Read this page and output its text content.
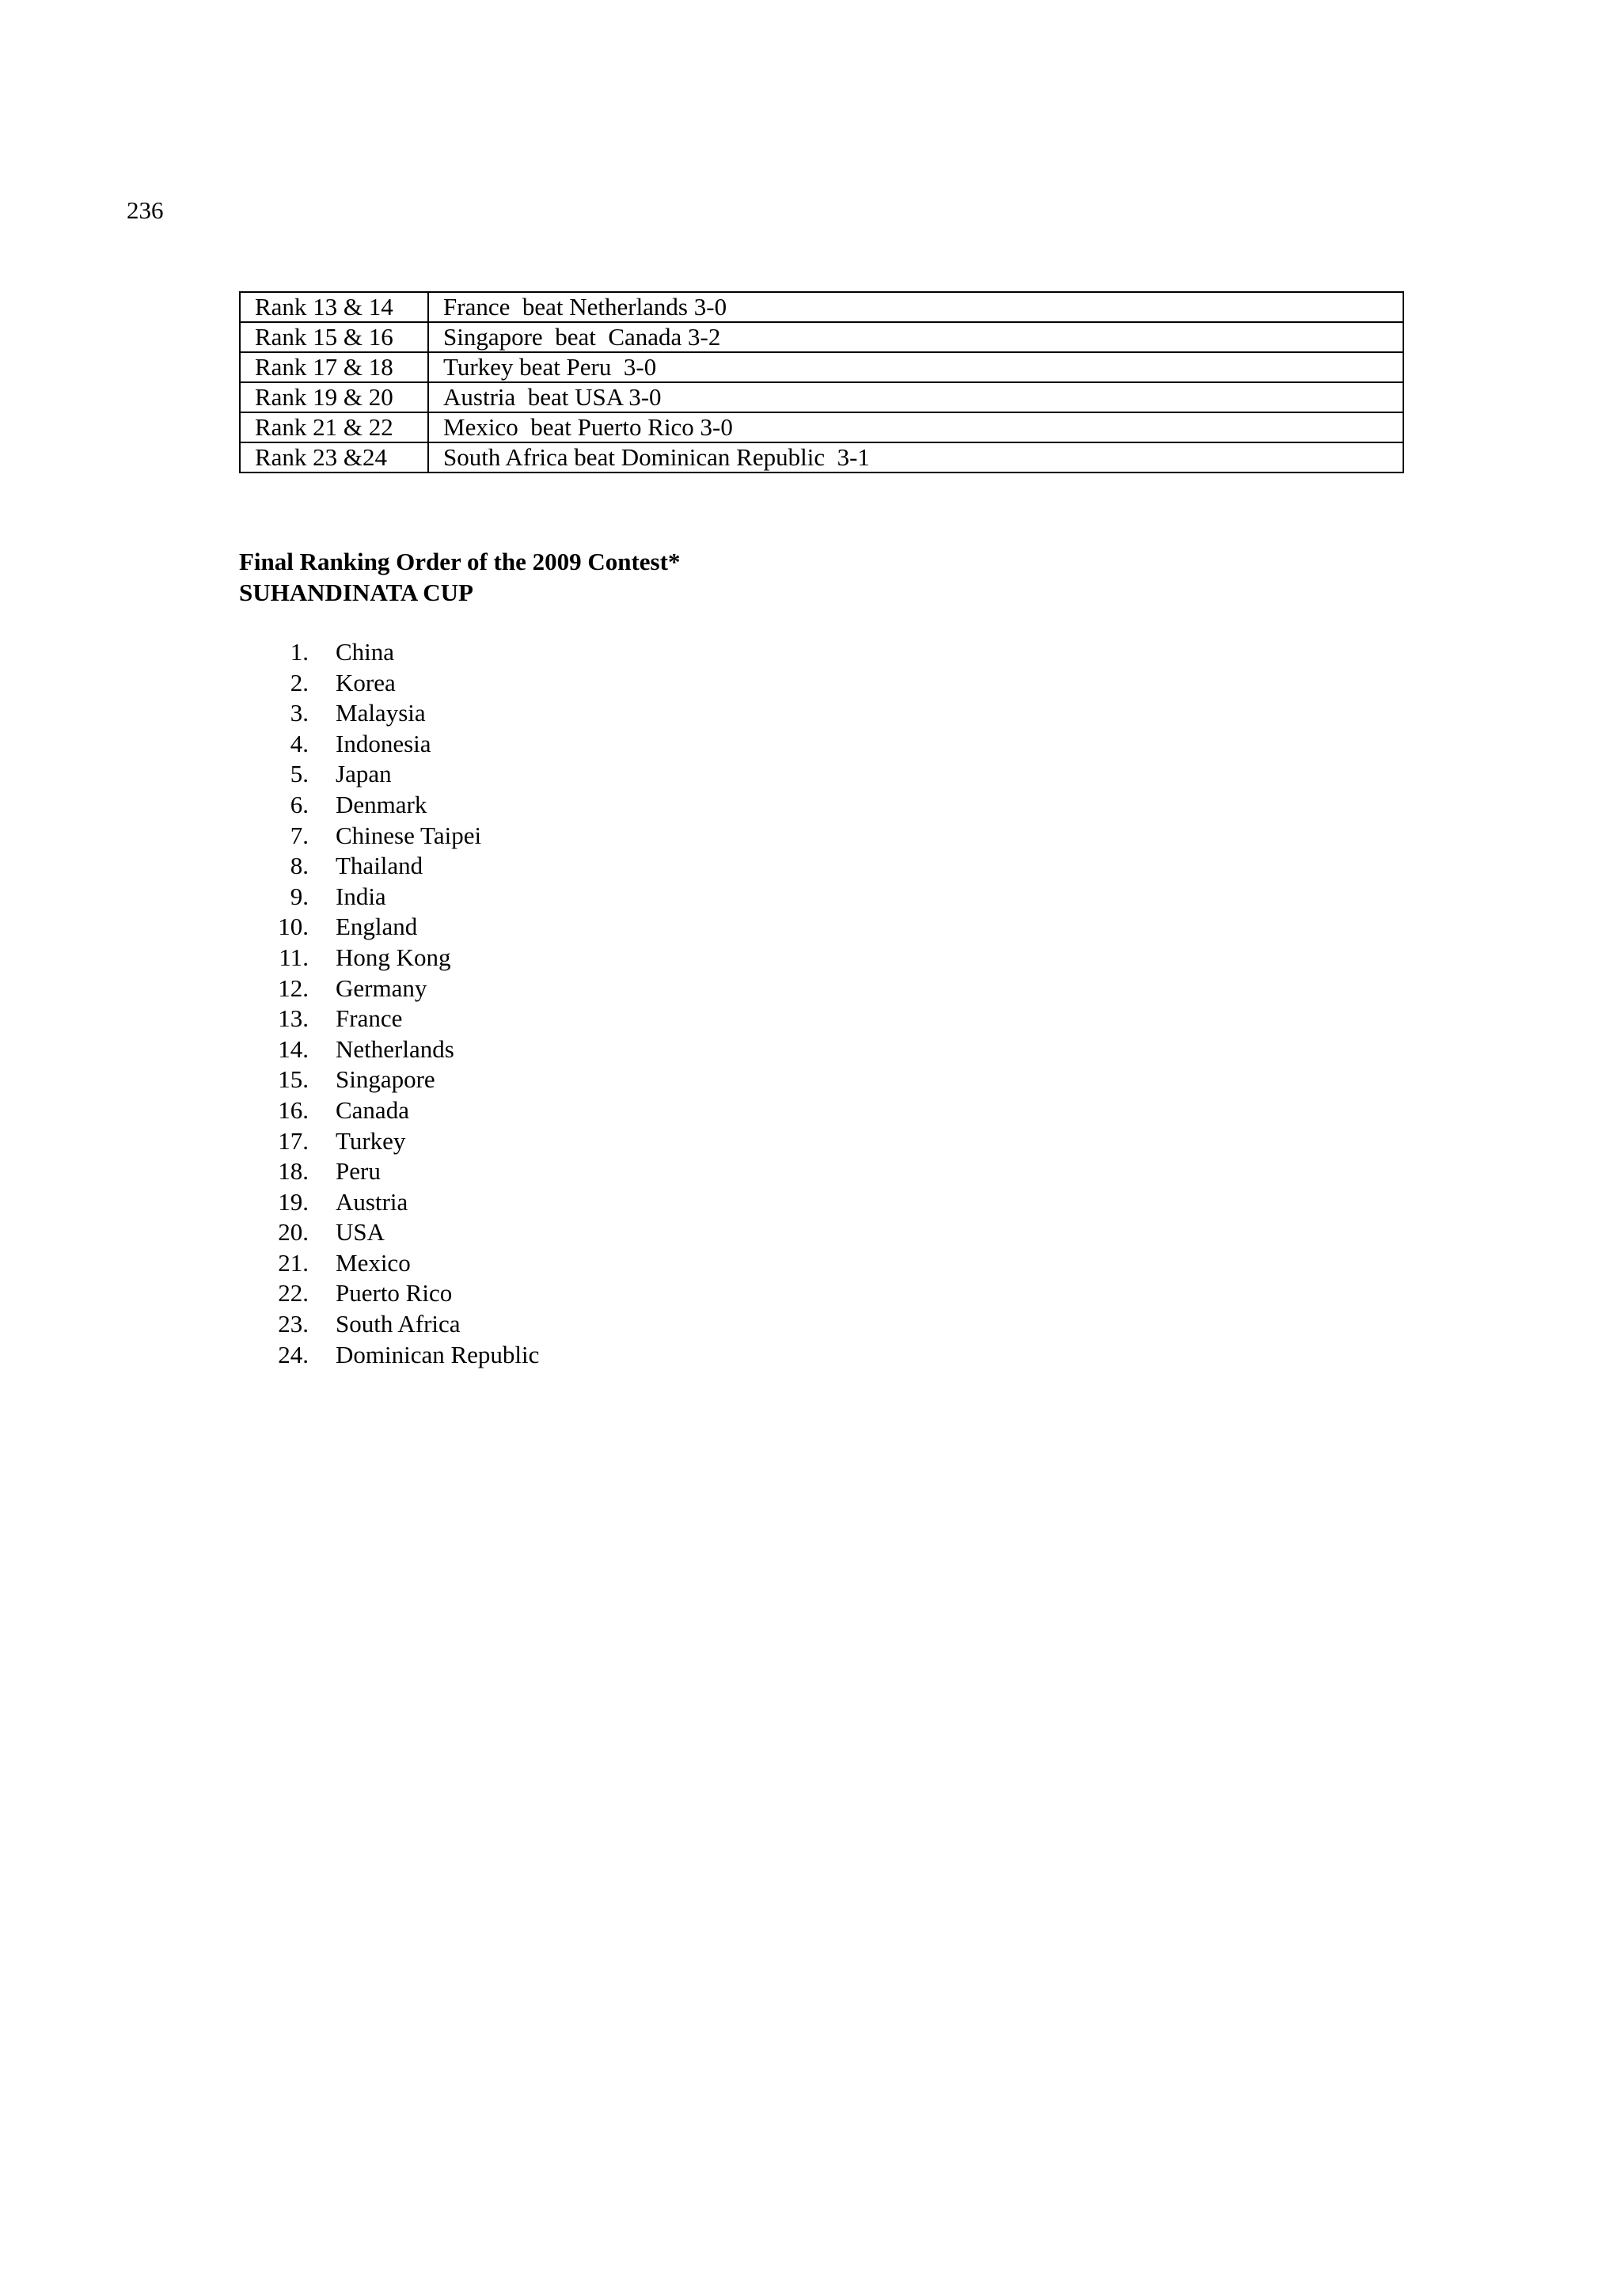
236
Rank 13 & 14	France  beat Netherlands 3-0
Rank 15 & 16	Singapore  beat  Canada 3-2
Rank 17 & 18	Turkey beat Peru  3-0
Rank 19 & 20	Austria  beat USA 3-0
Rank 21 & 22	Mexico  beat Puerto Rico 3-0
Rank 23 &24	South Africa beat Dominican Republic  3-1
Final Ranking Order of the 2009 Contest*
SUHANDINATA CUP
1. China
2. Korea
3. Malaysia
4. Indonesia
5. Japan
6. Denmark
7. Chinese Taipei
8. Thailand
9. India
10. England
11. Hong Kong
12. Germany
13. France
14. Netherlands
15. Singapore
16. Canada
17. Turkey
18. Peru
19. Austria
20. USA
21. Mexico
22. Puerto Rico
23. South Africa
24. Dominican Republic
